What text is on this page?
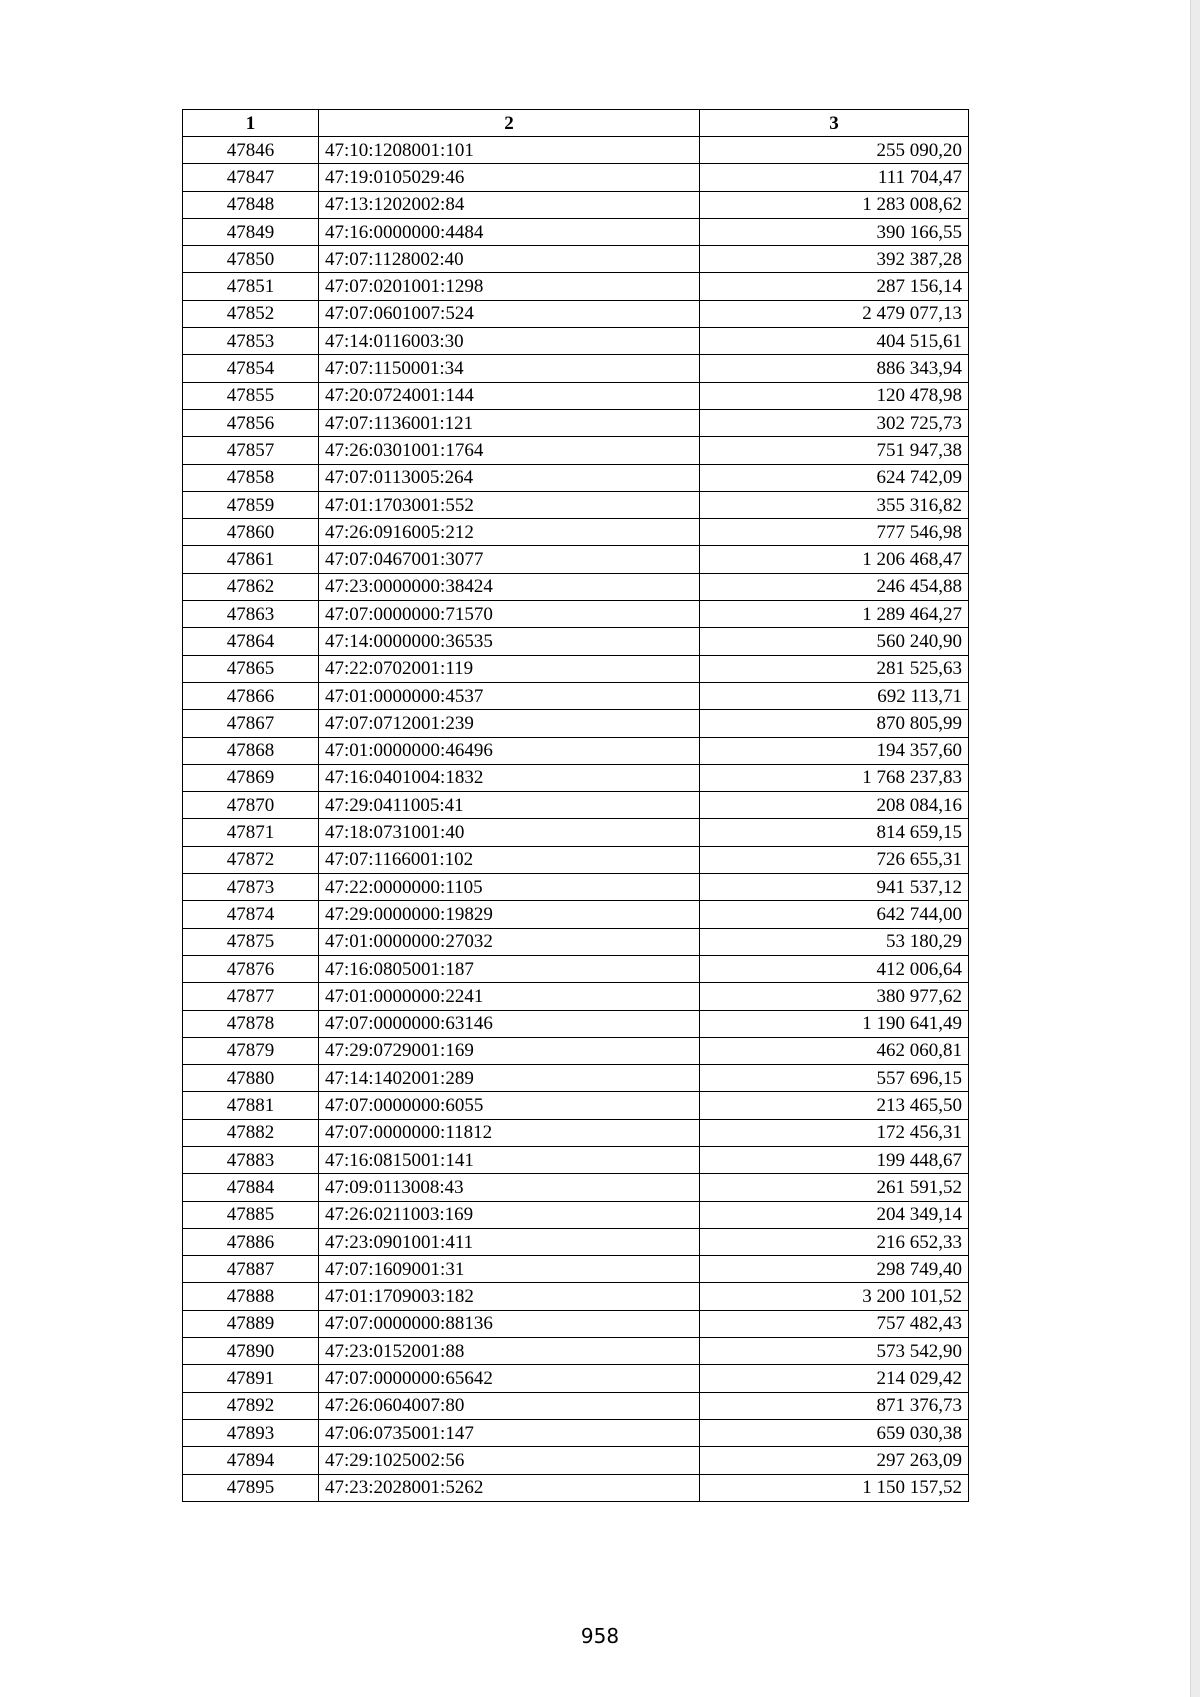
1	2	3
47846	47:10:1208001:101	255 090,20
47847	47:19:0105029:46	111 704,47
47848	47:13:1202002:84	1 283 008,62
47849	47:16:0000000:4484	390 166,55
47850	47:07:1128002:40	392 387,28
47851	47:07:0201001:1298	287 156,14
47852	47:07:0601007:524	2 479 077,13
47853	47:14:0116003:30	404 515,61
47854	47:07:1150001:34	886 343,94
47855	47:20:0724001:144	120 478,98
47856	47:07:1136001:121	302 725,73
47857	47:26:0301001:1764	751 947,38
47858	47:07:0113005:264	624 742,09
47859	47:01:1703001:552	355 316,82
47860	47:26:0916005:212	777 546,98
47861	47:07:0467001:3077	1 206 468,47
47862	47:23:0000000:38424	246 454,88
47863	47:07:0000000:71570	1 289 464,27
47864	47:14:0000000:36535	560 240,90
47865	47:22:0702001:119	281 525,63
47866	47:01:0000000:4537	692 113,71
47867	47:07:0712001:239	870 805,99
47868	47:01:0000000:46496	194 357,60
47869	47:16:0401004:1832	1 768 237,83
47870	47:29:0411005:41	208 084,16
47871	47:18:0731001:40	814 659,15
47872	47:07:1166001:102	726 655,31
47873	47:22:0000000:1105	941 537,12
47874	47:29:0000000:19829	642 744,00
47875	47:01:0000000:27032	53 180,29
47876	47:16:0805001:187	412 006,64
47877	47:01:0000000:2241	380 977,62
47878	47:07:0000000:63146	1 190 641,49
47879	47:29:0729001:169	462 060,81
47880	47:14:1402001:289	557 696,15
47881	47:07:0000000:6055	213 465,50
47882	47:07:0000000:11812	172 456,31
47883	47:16:0815001:141	199 448,67
47884	47:09:0113008:43	261 591,52
47885	47:26:0211003:169	204 349,14
47886	47:23:0901001:411	216 652,33
47887	47:07:1609001:31	298 749,40
47888	47:01:1709003:182	3 200 101,52
47889	47:07:0000000:88136	757 482,43
47890	47:23:0152001:88	573 542,90
47891	47:07:0000000:65642	214 029,42
47892	47:26:0604007:80	871 376,73
47893	47:06:0735001:147	659 030,38
47894	47:29:1025002:56	297 263,09
47895	47:23:2028001:5262	1 150 157,52
958
